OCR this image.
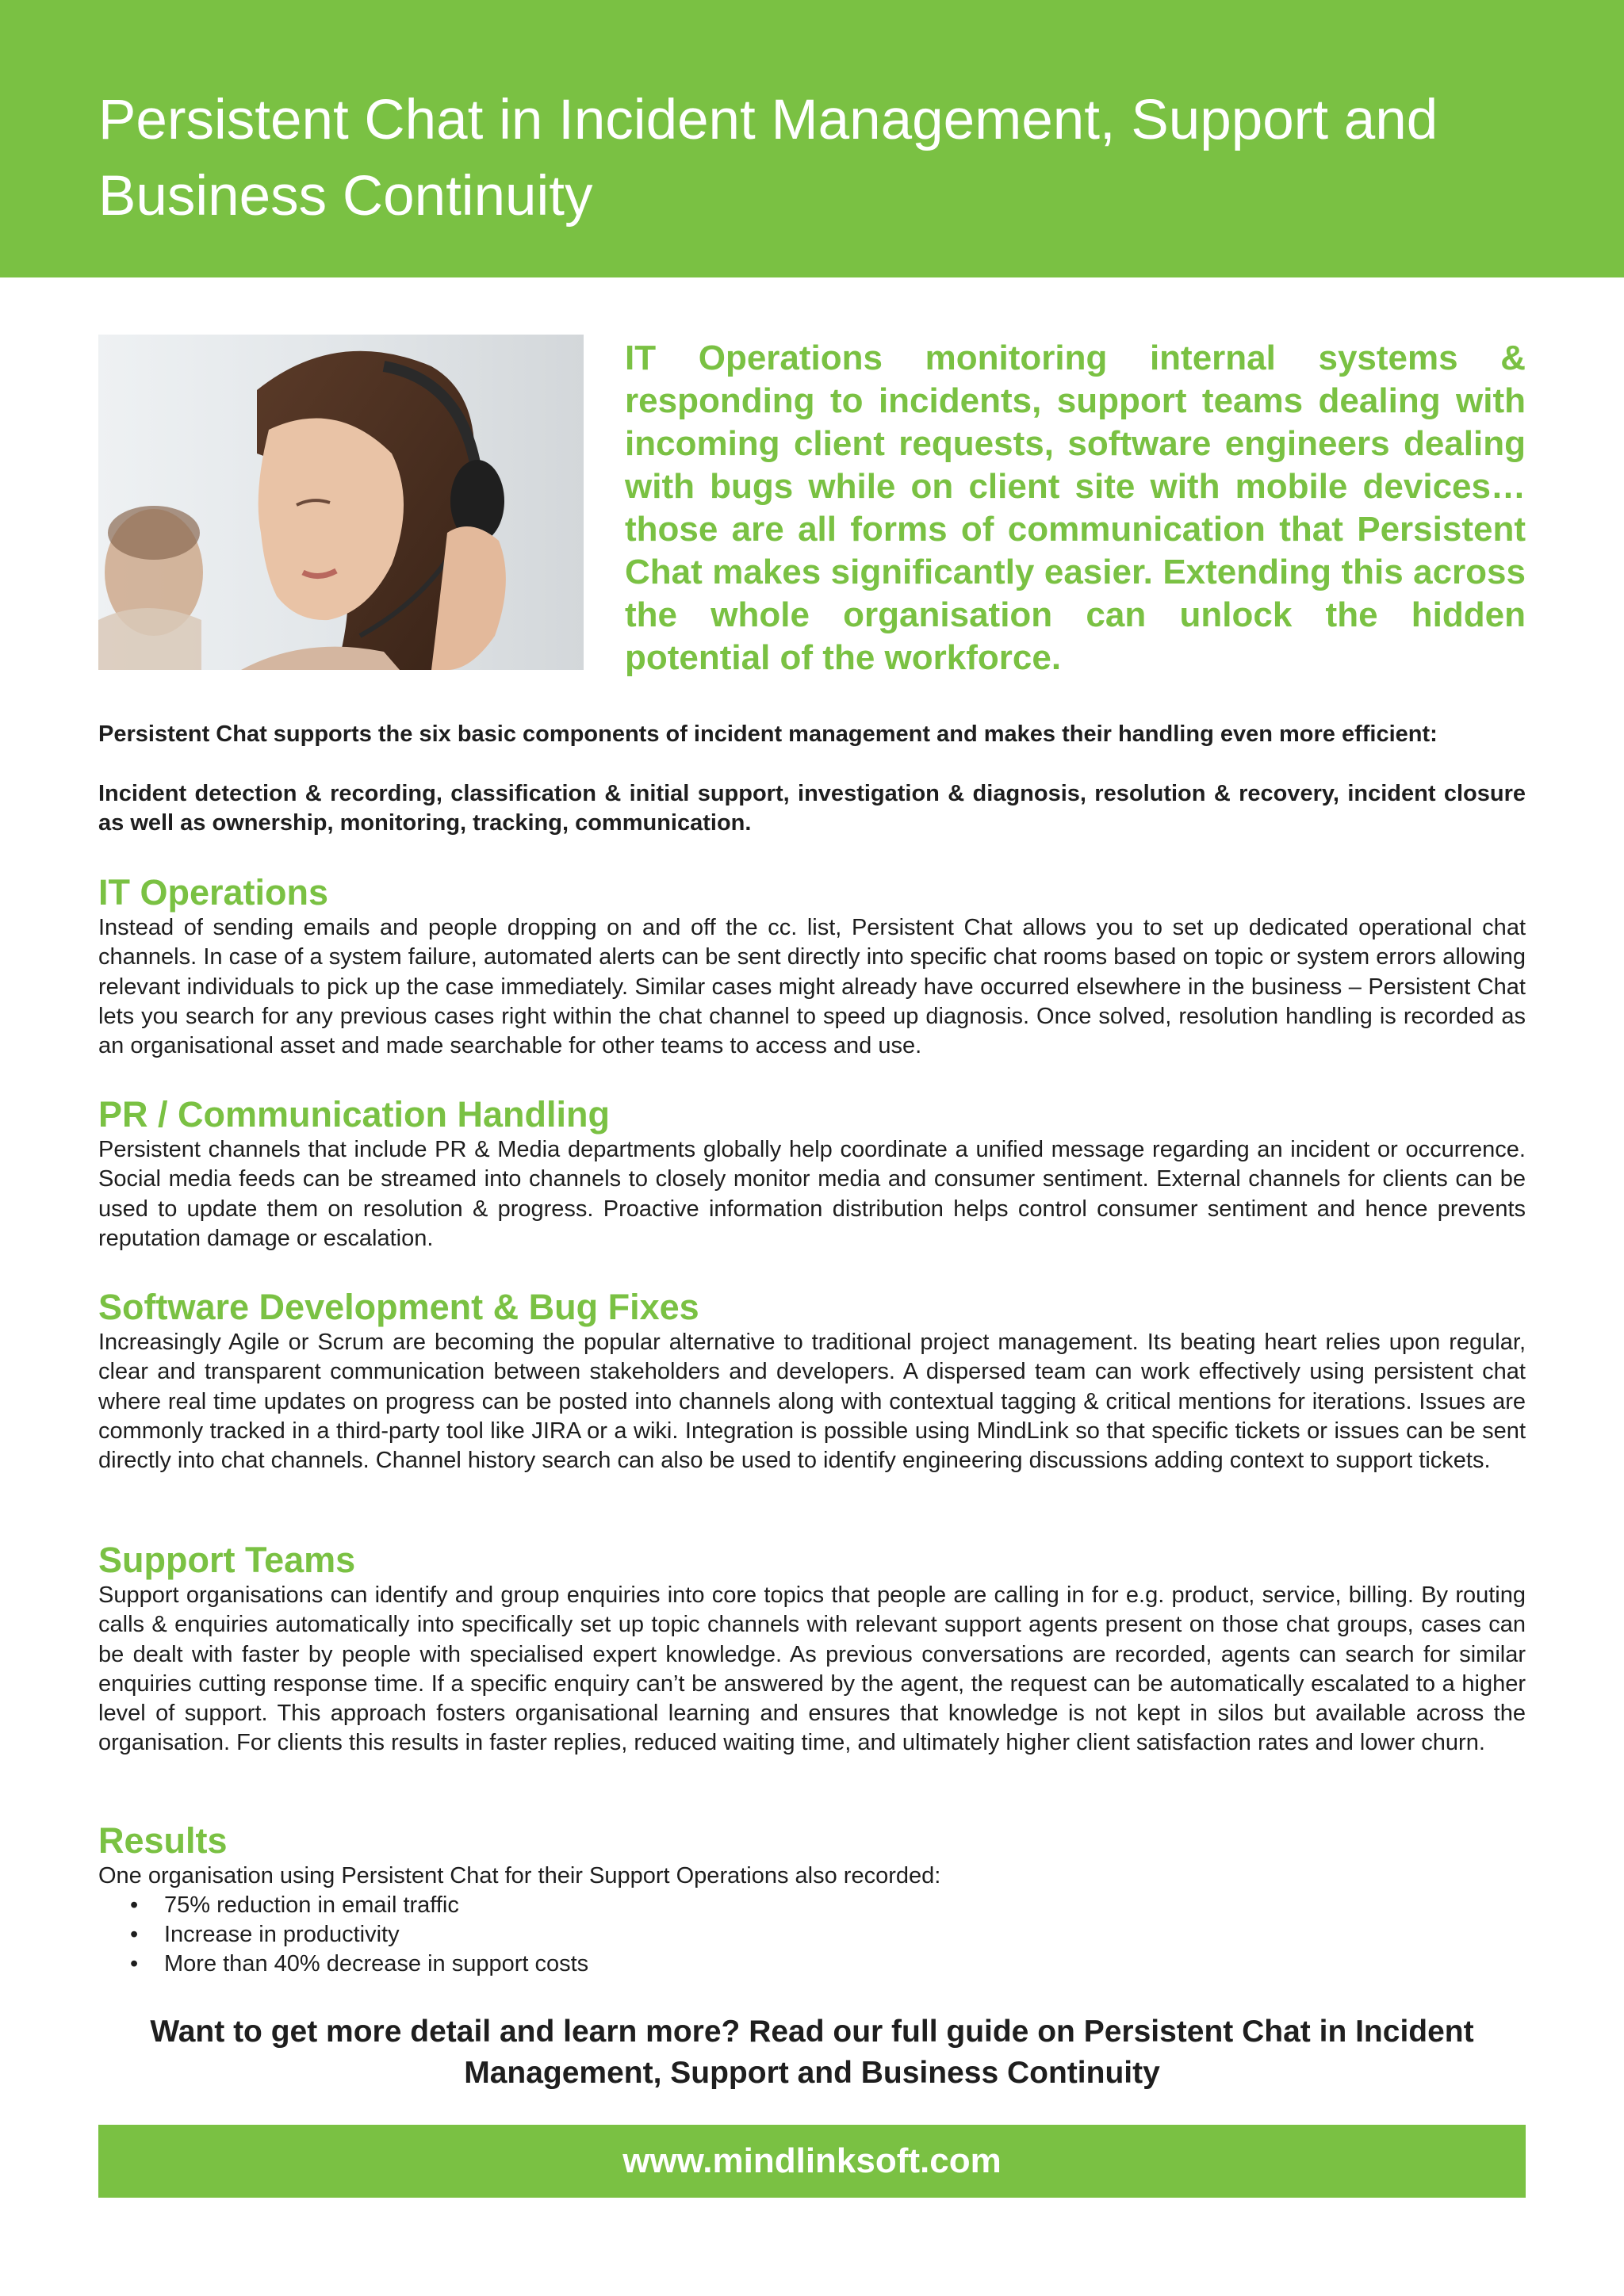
Persistent Chat in Incident Management, Support and Business Continuity

IT Operations monitoring internal systems & responding to incidents, support teams dealing with incoming client requests, software engineers dealing with bugs while on client site with mobile devices… those are all forms of communication that Persistent Chat makes significantly easier. Extending this across the whole organisation can unlock the hidden potential of the workforce.

Persistent Chat supports the six basic components of incident management and makes their handling even more efficient:

Incident detection & recording, classification & initial support, investigation & diagnosis, resolution & recovery, incident closure as well as ownership, monitoring, tracking, communication.

IT Operations

Instead of sending emails and people dropping on and off the cc. list, Persistent Chat allows you to set up dedicated operational chat channels. In case of a system failure, automated alerts can be sent directly into specific chat rooms based on topic or system errors allowing relevant individuals to pick up the case immediately. Similar cases might already have occurred elsewhere in the business – Persistent Chat lets you search for any previous cases right within the chat channel to speed up diagnosis. Once solved, resolution handling is recorded as an organisational asset and made searchable for other teams to access and use.

PR / Communication Handling

Persistent channels that include PR & Media departments globally help coordinate a unified message regarding an incident or occurrence. Social media feeds can be streamed into channels to closely monitor media and consumer sentiment. External channels for clients can be used to update them on resolution & progress. Proactive information distribution helps control consumer sentiment and hence prevents reputation damage or escalation.

Software Development & Bug Fixes

Increasingly Agile or Scrum are becoming the popular alternative to traditional project management. Its beating heart relies upon regular, clear and transparent communication between stakeholders and developers. A dispersed team can work effectively using persistent chat where real time updates on progress can be posted into channels along with contextual tagging & critical mentions for iterations. Issues are commonly tracked in a third-party tool like JIRA or a wiki. Integration is possible using MindLink so that specific tickets or issues can be sent directly into chat channels. Channel history search can also be used to identify engineering discussions adding context to support tickets.

Support Teams

Support organisations can identify and group enquiries into core topics that people are calling in for e.g. product, service, billing. By routing calls & enquiries automatically into specifically set up topic channels with relevant support agents present on those chat groups, cases can be dealt with faster by people with specialised expert knowledge. As previous conversations are recorded, agents can search for similar enquiries cutting response time. If a specific enquiry can’t be answered by the agent, the request can be automatically escalated to a higher level of support. This approach fosters organisational learning and ensures that knowledge is not kept in silos but available across the organisation. For clients this results in faster replies, reduced waiting time, and ultimately higher client satisfaction rates and lower churn.

Results

One organisation using Persistent Chat for their Support Operations also recorded:

• 75% reduction in email traffic
• Increase in productivity
• More than 40% decrease in support costs

Want to get more detail and learn more? Read our full guide on Persistent Chat in Incident Management, Support and Business Continuity

www.mindlinksoft.com
